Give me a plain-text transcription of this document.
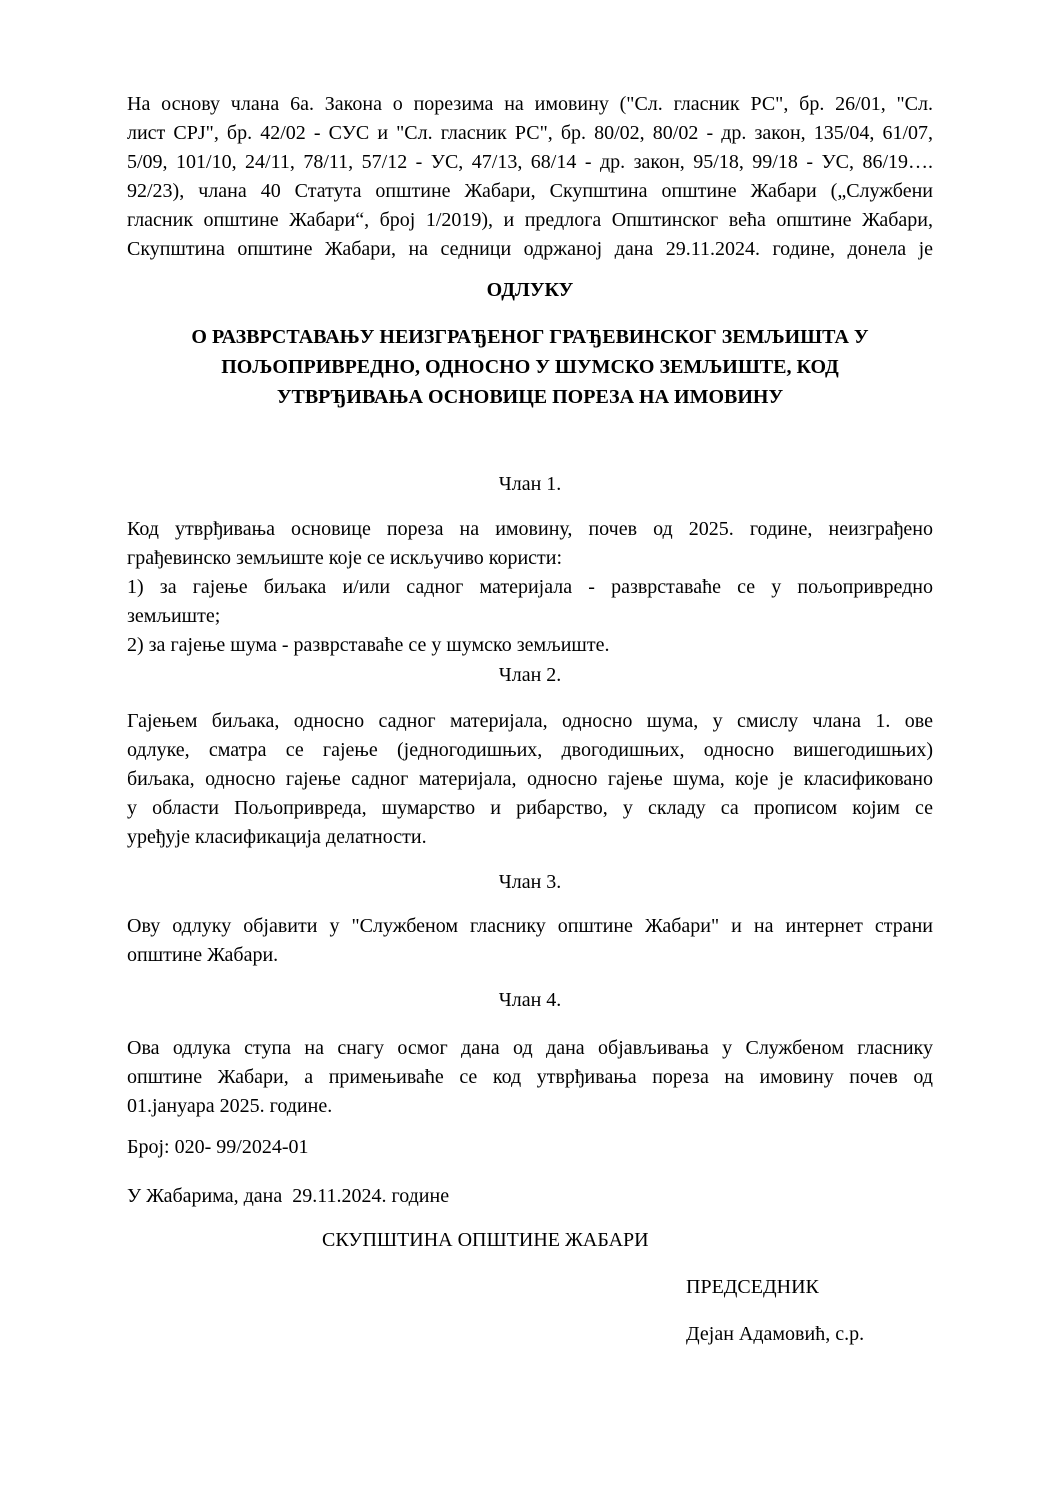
На основу члана 6а. Закона о порезима на имовину ("Сл. гласник РС", бр. 26/01, "Сл.
лист СРЈ", бр. 42/02 - СУС и "Сл. гласник РС", бр. 80/02, 80/02 - др. закон, 135/04, 61/07,
5/09, 101/10, 24/11, 78/11, 57/12 - УС, 47/13, 68/14 - др. закон, 95/18, 99/18 - УС, 86/19….
92/23), члана 40 Статута општине Жабари, Скупштина општине Жабари („Службени
гласник општине Жабари“, број 1/2019), и предлога Општинског већа општине Жабари,
Скупштина општине Жабари, на седници одржаној дана 29.11.2024. године, донела је
ОДЛУКУ
О РАЗВРСТАВАЊУ НЕИЗГРАЂЕНОГ ГРАЂЕВИНСКОГ ЗЕМЉИШТА У
ПОЉОПРИВРЕДНО, ОДНОСНО У ШУМСКО ЗЕМЉИШТЕ, КОД
УТВРЂИВАЊА ОСНОВИЦЕ ПОРЕЗА НА ИМОВИНУ
Члан 1.
Код утврђивања основице пореза на имовину, почев од 2025. године, неизграђено
грађевинско земљиште које се искључиво користи:
1) за гајење биљака и/или садног материјала - разврставаће се у пољопривредно
земљиште;
2) за гајење шума - разврставаће се у шумско земљиште.
Члан 2.
Гајењем биљака, односно садног материјала, односно шума, у смислу члана 1. ове
одлуке, сматра се гајење (једногодишњих, двогодишњих, односно вишегодишњих)
биљака, односно гајење садног материјала, односно гајење шума, које је класификовано
у области Пољопривреда, шумарство и рибарство, у складу са прописом којим се
уређује класификација делатности.
Члан 3.
Ову одлуку објавити у "Службеном гласнику општине Жабари" и на интернет страни
општине Жабари.
Члан 4.
Ова одлука ступа на снагу осмог дана од дана објављивања у Службеном гласнику
општине Жабари, а примењиваће се код утврђивања пореза на имовину почев од
01.јануара 2025. године.
Број: 020- 99/2024-01
У Жабарима, дана  29.11.2024. године
СКУПШТИНА ОПШТИНЕ ЖАБАРИ
ПРЕДСЕДНИК
Дејан Адамовић, с.р.
